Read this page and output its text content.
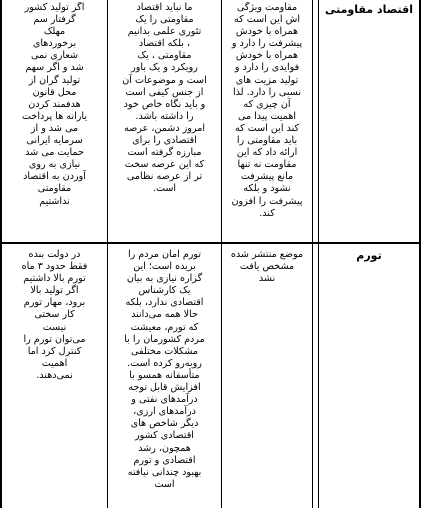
اقتصاد مقاومتی
مقاومت ویژگی
اش این است که
همراه با خودش
پیشرفت را دارد و
همراه با خودش
فوایدی را دارد و
تولید مزیت های
نسبی را دارد. لذا
آن چیزی که
اهمیت پیدا می
کند این است که
باید مقاومتی را
ارائه داد که این
مقاومت نه تنها
مانع پیشرفت
نشود و بلکه
پیشرفت را افزون
کند.
ما نباید اقتصاد
مقاومتی را یک
تئوری علمی بدانیم
، بلکه اقتصاد
مقاومتی ، یک
رویکرد و یک باور
است و موضوعات آن
از جنس کیفی است
و باید نگاه خاص خود
را داشته باشد.
امروز دشمن، عرصه
اقتصادی را برای
مبارزه گرفته است
که این عرصه سخت
تر از عرصه نظامی
است.
اگر تولید کشور
گرفتار سم
مهلک
برخوردهای
شعاری نمی
شد و اگر سهم
تولید گران از
محل قانون
هدفمند کردن
یارانه ها پرداخت
می شد و از
سرمایه ایرانی
حمایت می شد
نیازی به روی
آوردن به اقتصاد
مقاومتی
نداشتیم
تورم
موضع منتشر شده
مشخص یافت
نشد
تورم امان مردم را
بریده است؛ این
گزاره نیازی به بیان
یک کارشناس
اقتصادی ندارد، بلکه
حالا همه می‌دانند
که تورم، معیشت
مردم کشورمان را با
مشکلات مختلفی
روبه‌رو کرده است.
متأسفانه همسو با
افزایش قابل توجه
درآمدهای نفتی و
درآمدهای ارزی،
دیگر شاخص های
اقتصادی کشور
همچون، رشد
اقتصادی و تورم
بهبود چندانی نیافته
است
در دولت بنده
فقط حدود ۳ ماه
تورم بالا داشتیم
اگر تولید بالا
برود، مهار تورم
کار سختی
نیست
می‌توان تورم را
کنترل کرد اما
اهمیت
نمی‌دهند.
